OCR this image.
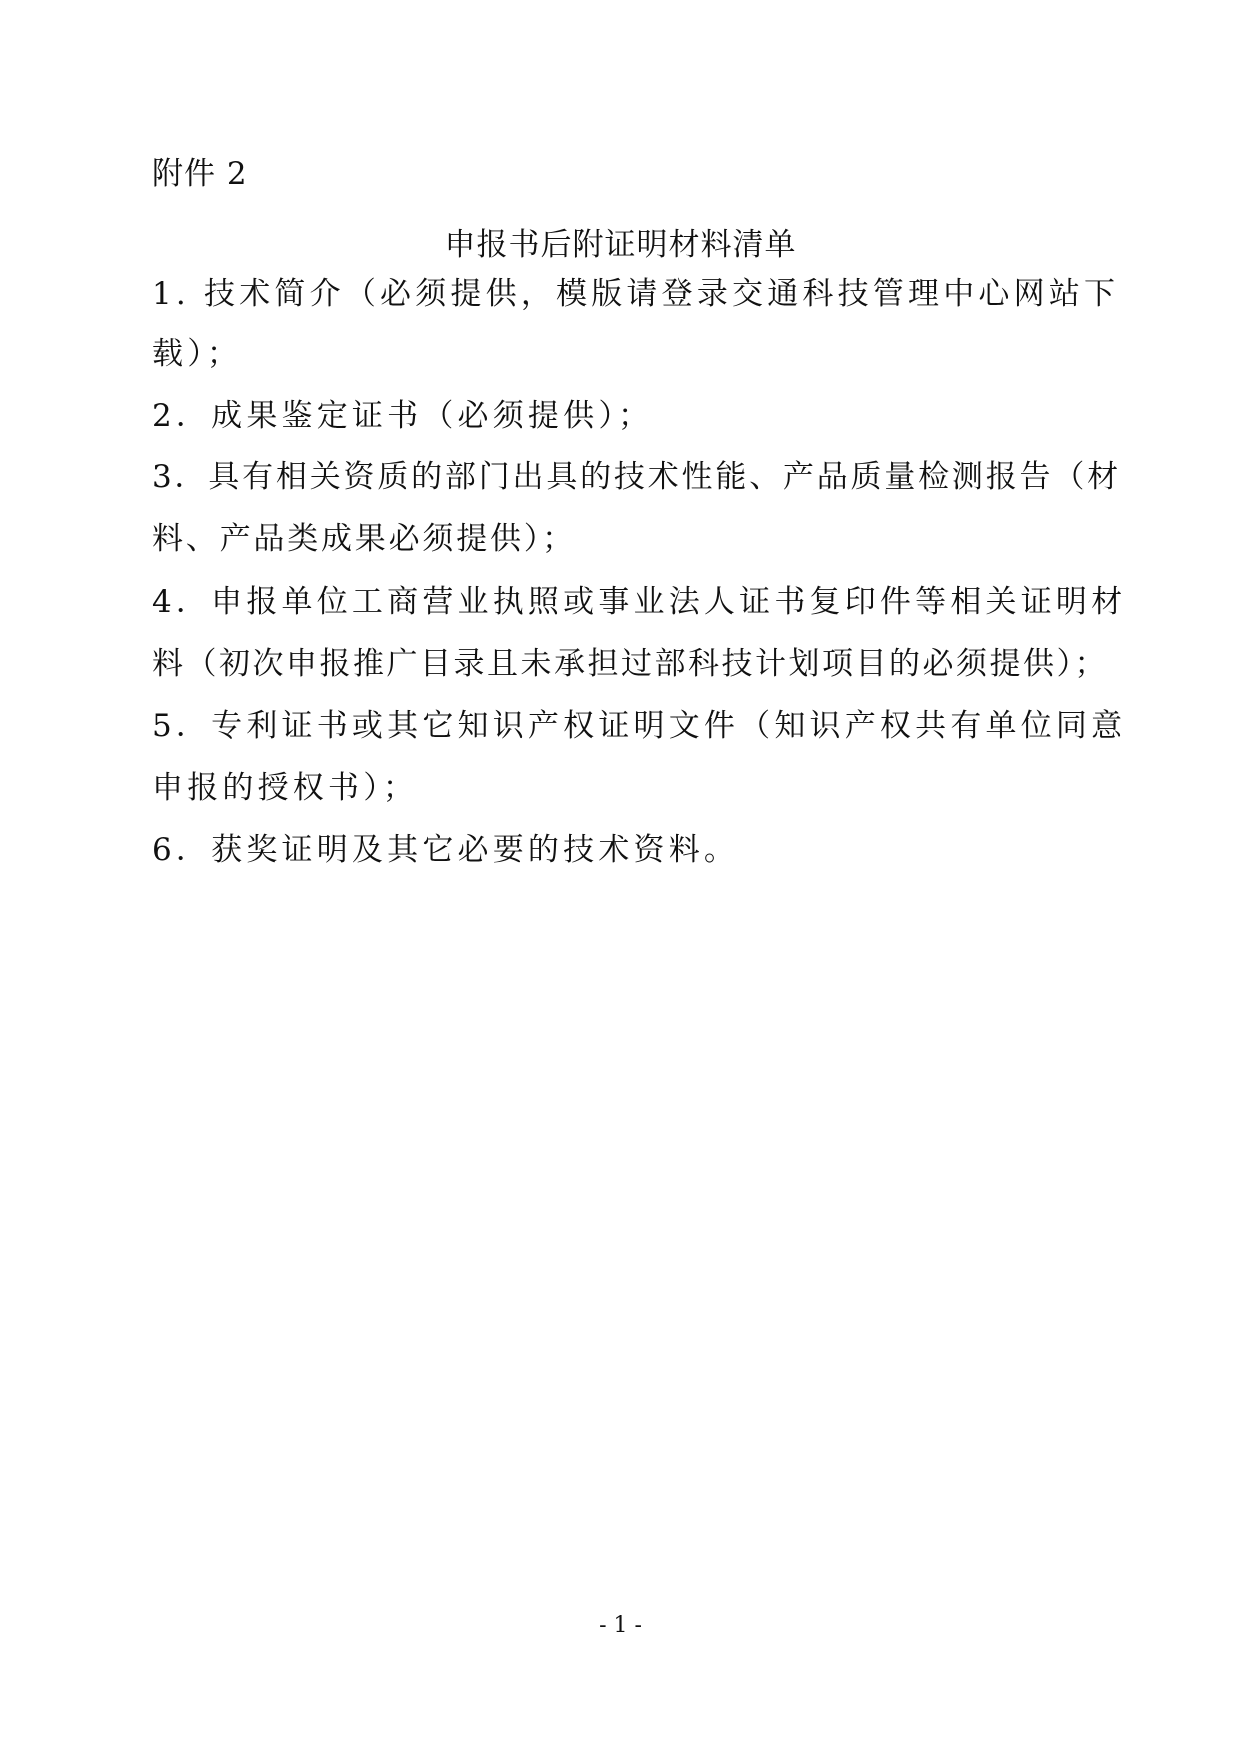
附件 2
申报书后附证明材料清单
1. 技术简介（必须提供，模版请登录交通科技管理中心网站下
载）；
2．成果鉴定证书（必须提供）；
3．具有相关资质的部门出具的技术性能、产品质量检测报告（材
料、产品类成果必须提供）；
4．申报单位工商营业执照或事业法人证书复印件等相关证明材
料（初次申报推广目录且未承担过部科技计划项目的必须提供）；
5．专利证书或其它知识产权证明文件（知识产权共有单位同意
申报的授权书）；
6．获奖证明及其它必要的技术资料。
- 1 -
